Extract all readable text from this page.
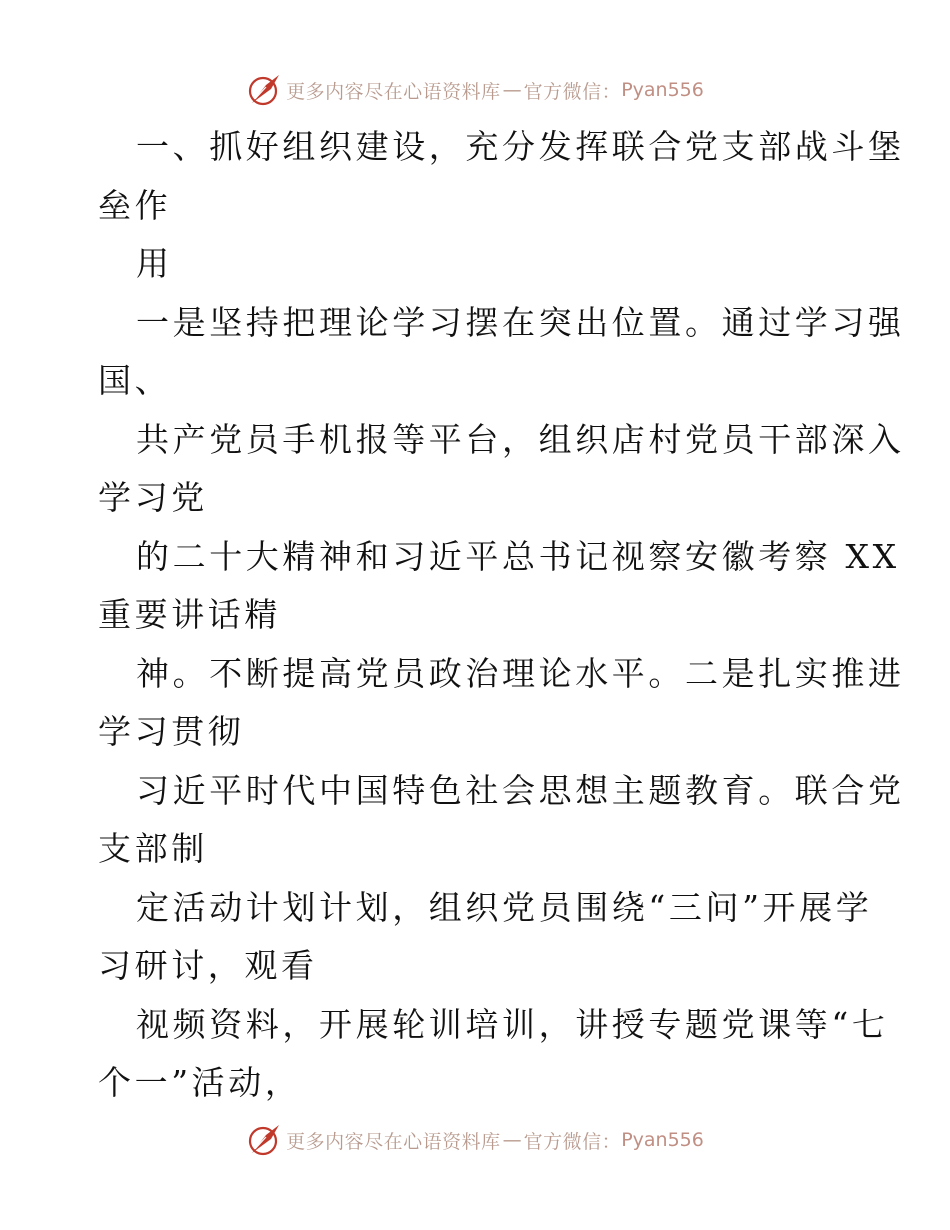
更多内容尽在心语资料库 — 官方微信： Pyan556
一、抓好组织建设，充分发挥联合党支部战斗堡
垒作
用
一是坚持把理论学习摆在突出位置。通过学习强
国、
共产党员手机报等平台，组织店村党员干部深入
学习党
的二十大精神和习近平总书记视察安徽考察 XX
重要讲话精
神。不断提高党员政治理论水平。二是扎实推进
学习贯彻
习近平时代中国特色社会思想主题教育。联合党
支部制
定活动计划计划，组织党员围绕“三问”开展学
习研讨，观看
视频资料，开展轮训培训，讲授专题党课等“七
个一”活动，
更多内容尽在心语资料库 — 官方微信： Pyan556
